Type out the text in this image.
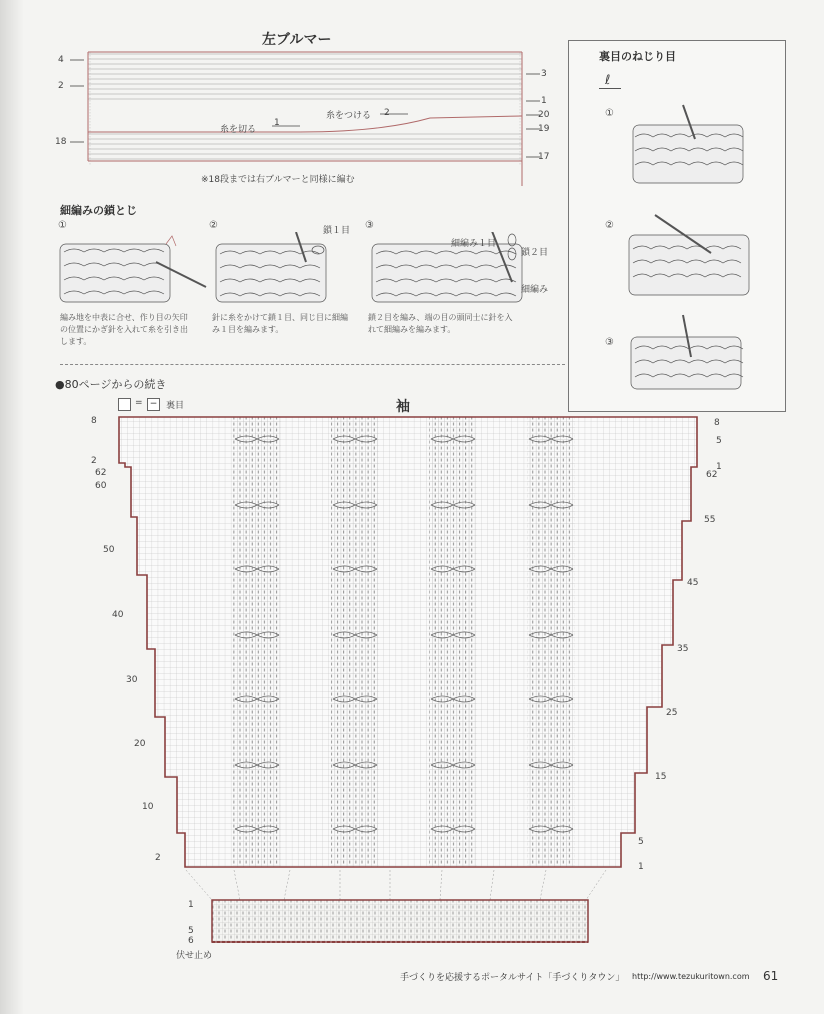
左ブルマー
4
2
18
3
1
20
19
17
糸をつける 2
糸を切る
1
※18段までは右ブルマーと同様に編む
細編みの鎖とじ
①	②	③
鎖１目
細編み１目
鎖２目
細編み
編み地を中表に合せ、作り目の矢印の位置にかぎ針を入れて糸を引き出します。
針に糸をかけて鎖１目、同じ目に細編み１目を編みます。
鎖２目を編み、端の目の頭同士に針を入れて細編みを編みます。
裏目のねじり目
ℓ
①
②
③
●80ページからの続き
= − 裏目	袖
8
2
62
60
50
40
30
20
10
2
8
5
1
62
55
45
35
25
15
5
1
1
5
6
伏せ止め
手づくりを応援するポータルサイト「手づくりタウン」 http://www.tezukuritown.com 61
